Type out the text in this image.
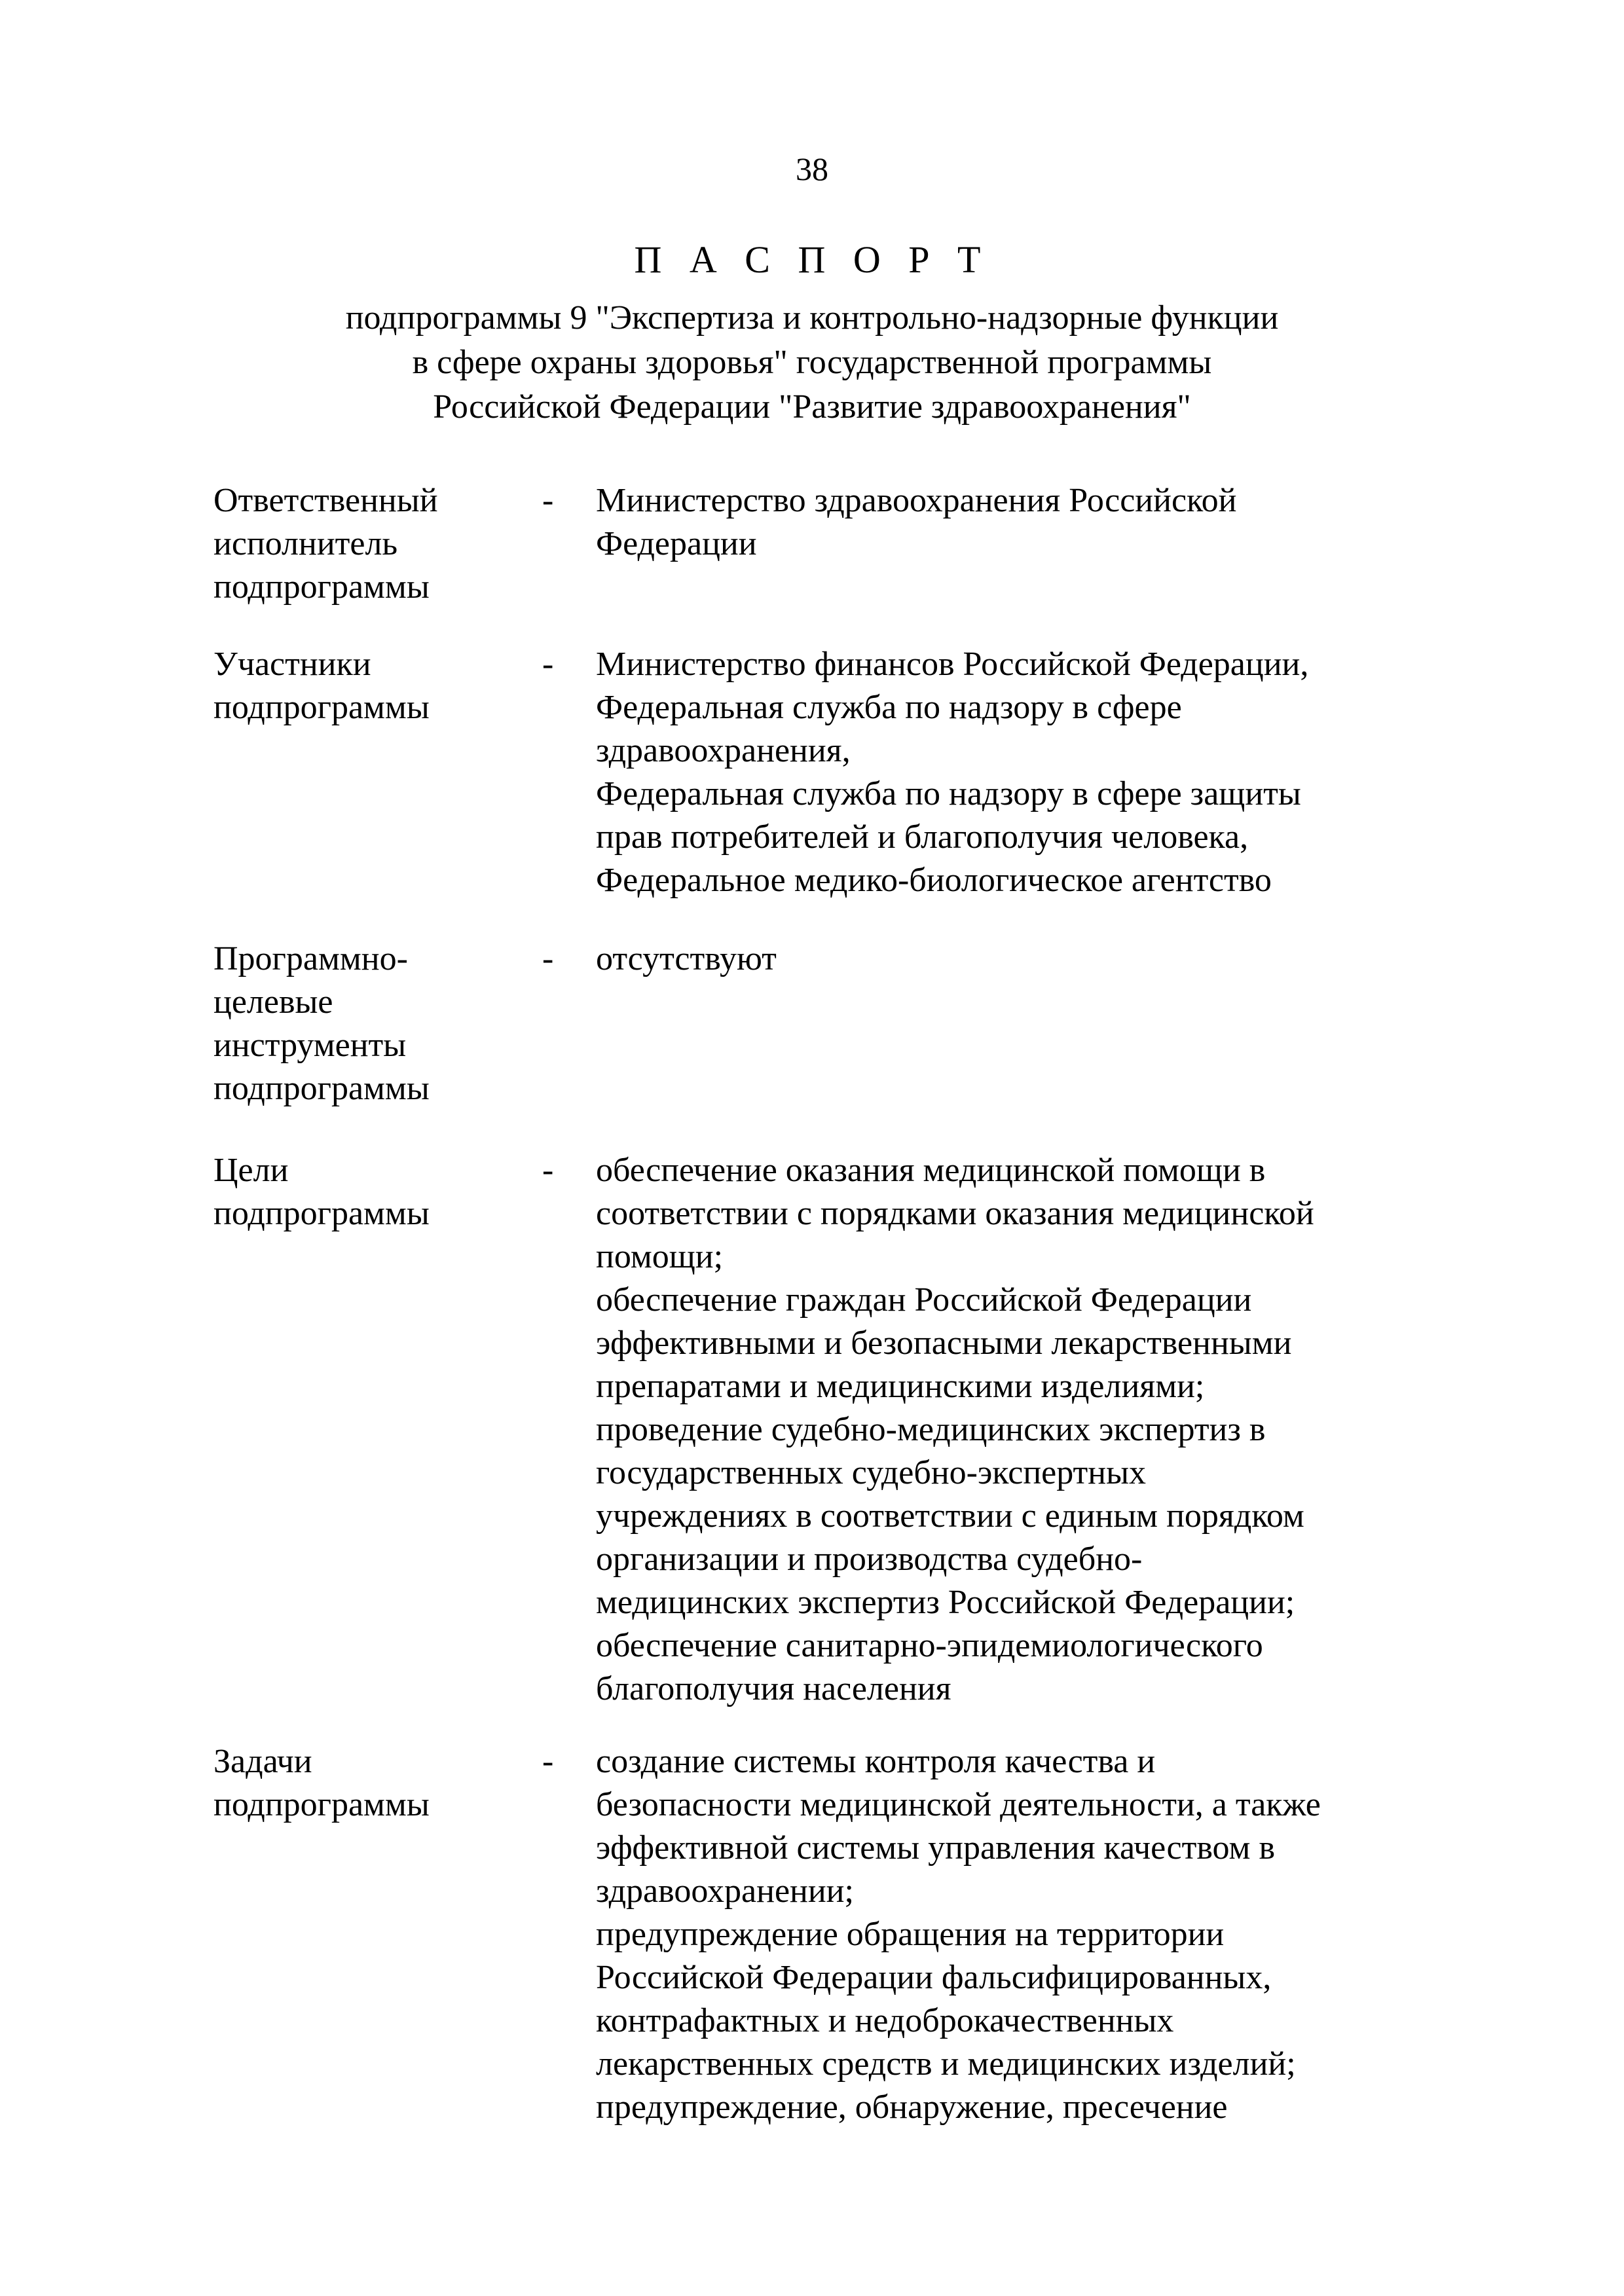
38
П А С П О Р Т
подпрограммы 9 "Экспертиза и контрольно-надзорные функции
в сфере охраны здоровья" государственной программы
Российской Федерации "Развитие здравоохранения"
Ответственный
исполнитель
подпрограммы
- Министерство здравоохранения Российской
Федерации
Участники
подпрограммы
- Министерство финансов Российской Федерации,
Федеральная служба по надзору в сфере
здравоохранения,
Федеральная служба по надзору в сфере защиты
прав потребителей и благополучия человека,
Федеральное медико-биологическое агентство
Программно-
целевые
инструменты
подпрограммы
- отсутствуют
Цели
подпрограммы
- обеспечение оказания медицинской помощи в
соответствии с порядками оказания медицинской
помощи;
обеспечение граждан Российской Федерации
эффективными и безопасными лекарственными
препаратами и медицинскими изделиями;
проведение судебно-медицинских экспертиз в
государственных судебно-экспертных
учреждениях в соответствии с единым порядком
организации и производства судебно-
медицинских экспертиз Российской Федерации;
обеспечение санитарно-эпидемиологического
благополучия населения
Задачи
подпрограммы
- создание системы контроля качества и
безопасности медицинской деятельности, а также
эффективной системы управления качеством в
здравоохранении;
предупреждение обращения на территории
Российской Федерации фальсифицированных,
контрафактных и недоброкачественных
лекарственных средств и медицинских изделий;
предупреждение, обнаружение, пресечение
